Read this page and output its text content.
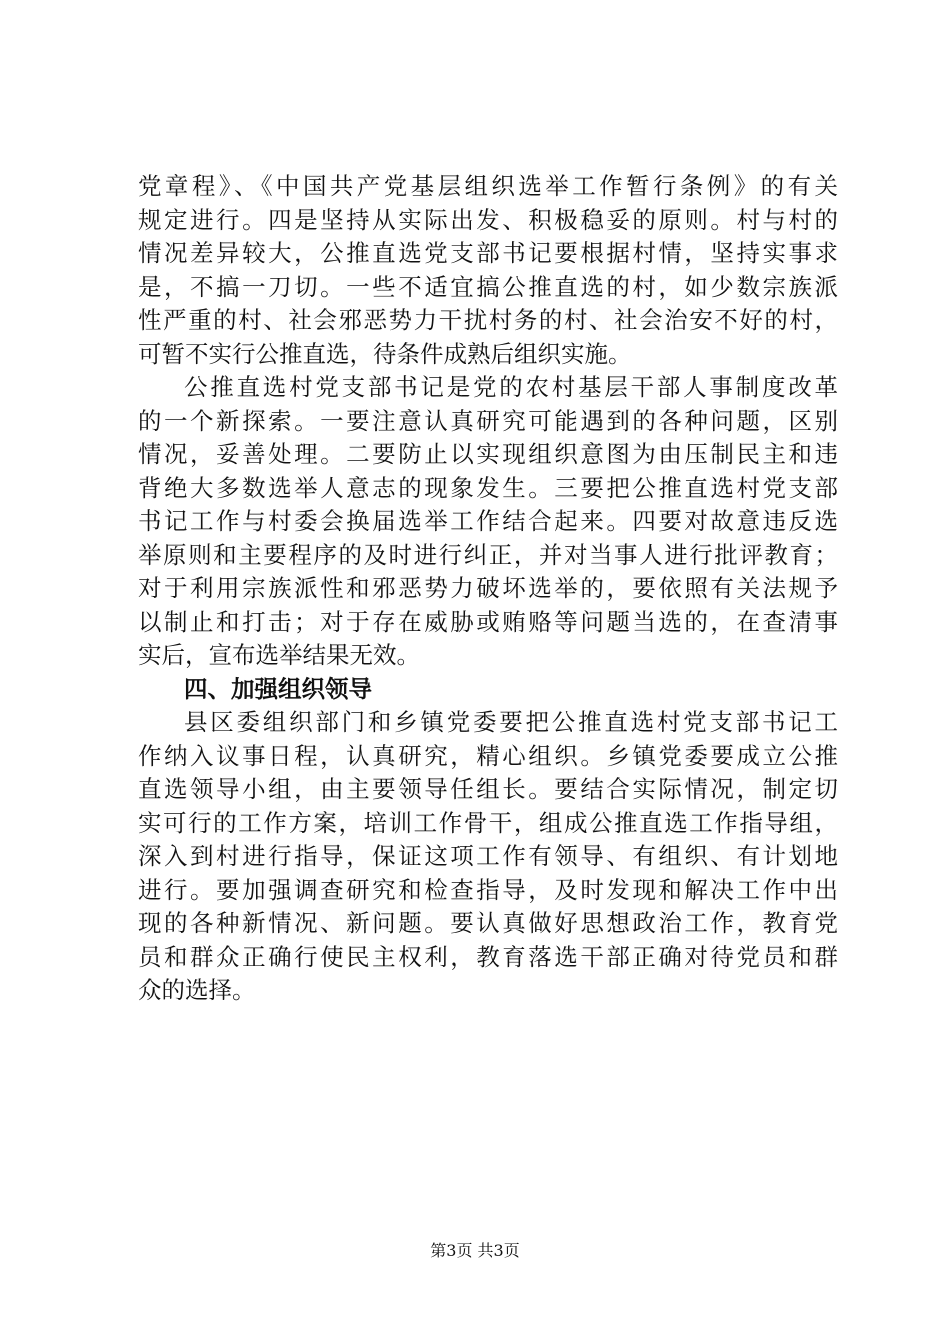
党章程》、《中国共产党基层组织选举工作暂行条例》的有关
规定进行。四是坚持从实际出发、积极稳妥的原则。村与村的
情况差异较大，公推直选党支部书记要根据村情，坚持实事求
是，不搞一刀切。一些不适宜搞公推直选的村，如少数宗族派
性严重的村、社会邪恶势力干扰村务的村、社会治安不好的村，
可暂不实行公推直选，待条件成熟后组织实施。
公推直选村党支部书记是党的农村基层干部人事制度改革
的一个新探索。一要注意认真研究可能遇到的各种问题，区别
情况，妥善处理。二要防止以实现组织意图为由压制民主和违
背绝大多数选举人意志的现象发生。三要把公推直选村党支部
书记工作与村委会换届选举工作结合起来。四要对故意违反选
举原则和主要程序的及时进行纠正，并对当事人进行批评教育；
对于利用宗族派性和邪恶势力破坏选举的，要依照有关法规予
以制止和打击；对于存在威胁或贿赂等问题当选的，在查清事
实后，宣布选举结果无效。
四、加强组织领导
县区委组织部门和乡镇党委要把公推直选村党支部书记工
作纳入议事日程，认真研究，精心组织。乡镇党委要成立公推
直选领导小组，由主要领导任组长。要结合实际情况，制定切
实可行的工作方案，培训工作骨干，组成公推直选工作指导组，
深入到村进行指导，保证这项工作有领导、有组织、有计划地
进行。要加强调查研究和检查指导，及时发现和解决工作中出
现的各种新情况、新问题。要认真做好思想政治工作，教育党
员和群众正确行使民主权利，教育落选干部正确对待党员和群
众的选择。
第3页 共3页
